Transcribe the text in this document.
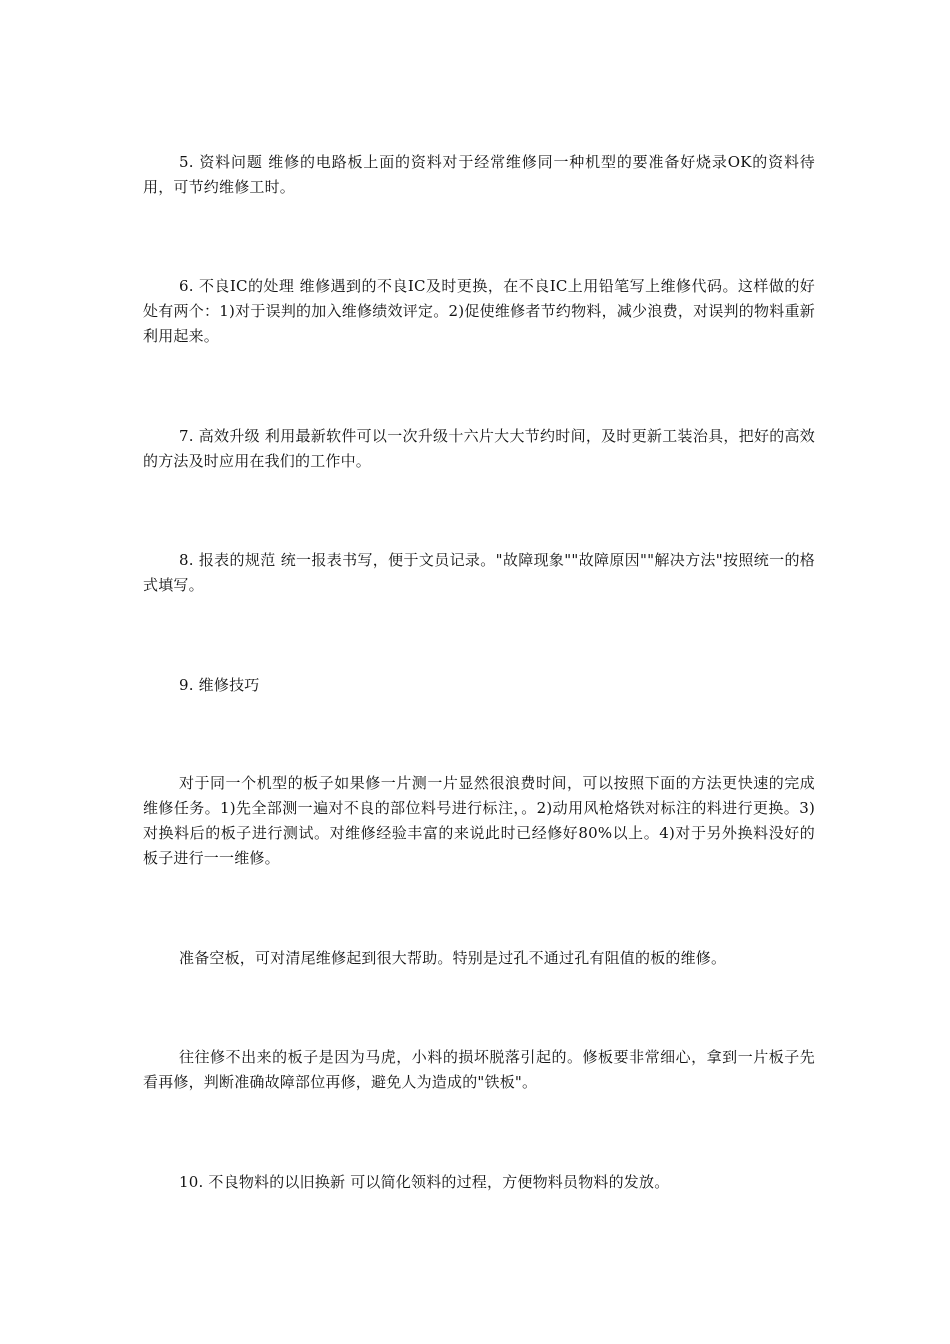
5. 资料问题 维修的电路板上面的资料对于经常维修同一种机型的要准备好烧录OK的资料待用，可节约维修工时。

6. 不良IC的处理 维修遇到的不良IC及时更换，在不良IC上用铅笔写上维修代码。这样做的好处有两个：1)对于误判的加入维修绩效评定。2)促使维修者节约物料，减少浪费，对误判的物料重新利用起来。

7. 高效升级 利用最新软件可以一次升级十六片大大节约时间，及时更新工装治具，把好的高效的方法及时应用在我们的工作中。

8. 报表的规范 统一报表书写，便于文员记录。"故障现象""故障原因""解决方法"按照统一的格式填写。

9. 维修技巧

对于同一个机型的板子如果修一片测一片显然很浪费时间，可以按照下面的方法更快速的完成维修任务。1)先全部测一遍对不良的部位料号进行标注，。2)动用风枪烙铁对标注的料进行更换。3)对换料后的板子进行测试。对维修经验丰富的来说此时已经修好80%以上。4)对于另外换料没好的板子进行一一维修。

准备空板，可对清尾维修起到很大帮助。特别是过孔不通过孔有阻值的板的维修。

往往修不出来的板子是因为马虎，小料的损坏脱落引起的。修板要非常细心，拿到一片板子先看再修，判断准确故障部位再修，避免人为造成的"铁板"。

10. 不良物料的以旧换新 可以简化领料的过程，方便物料员物料的发放。
